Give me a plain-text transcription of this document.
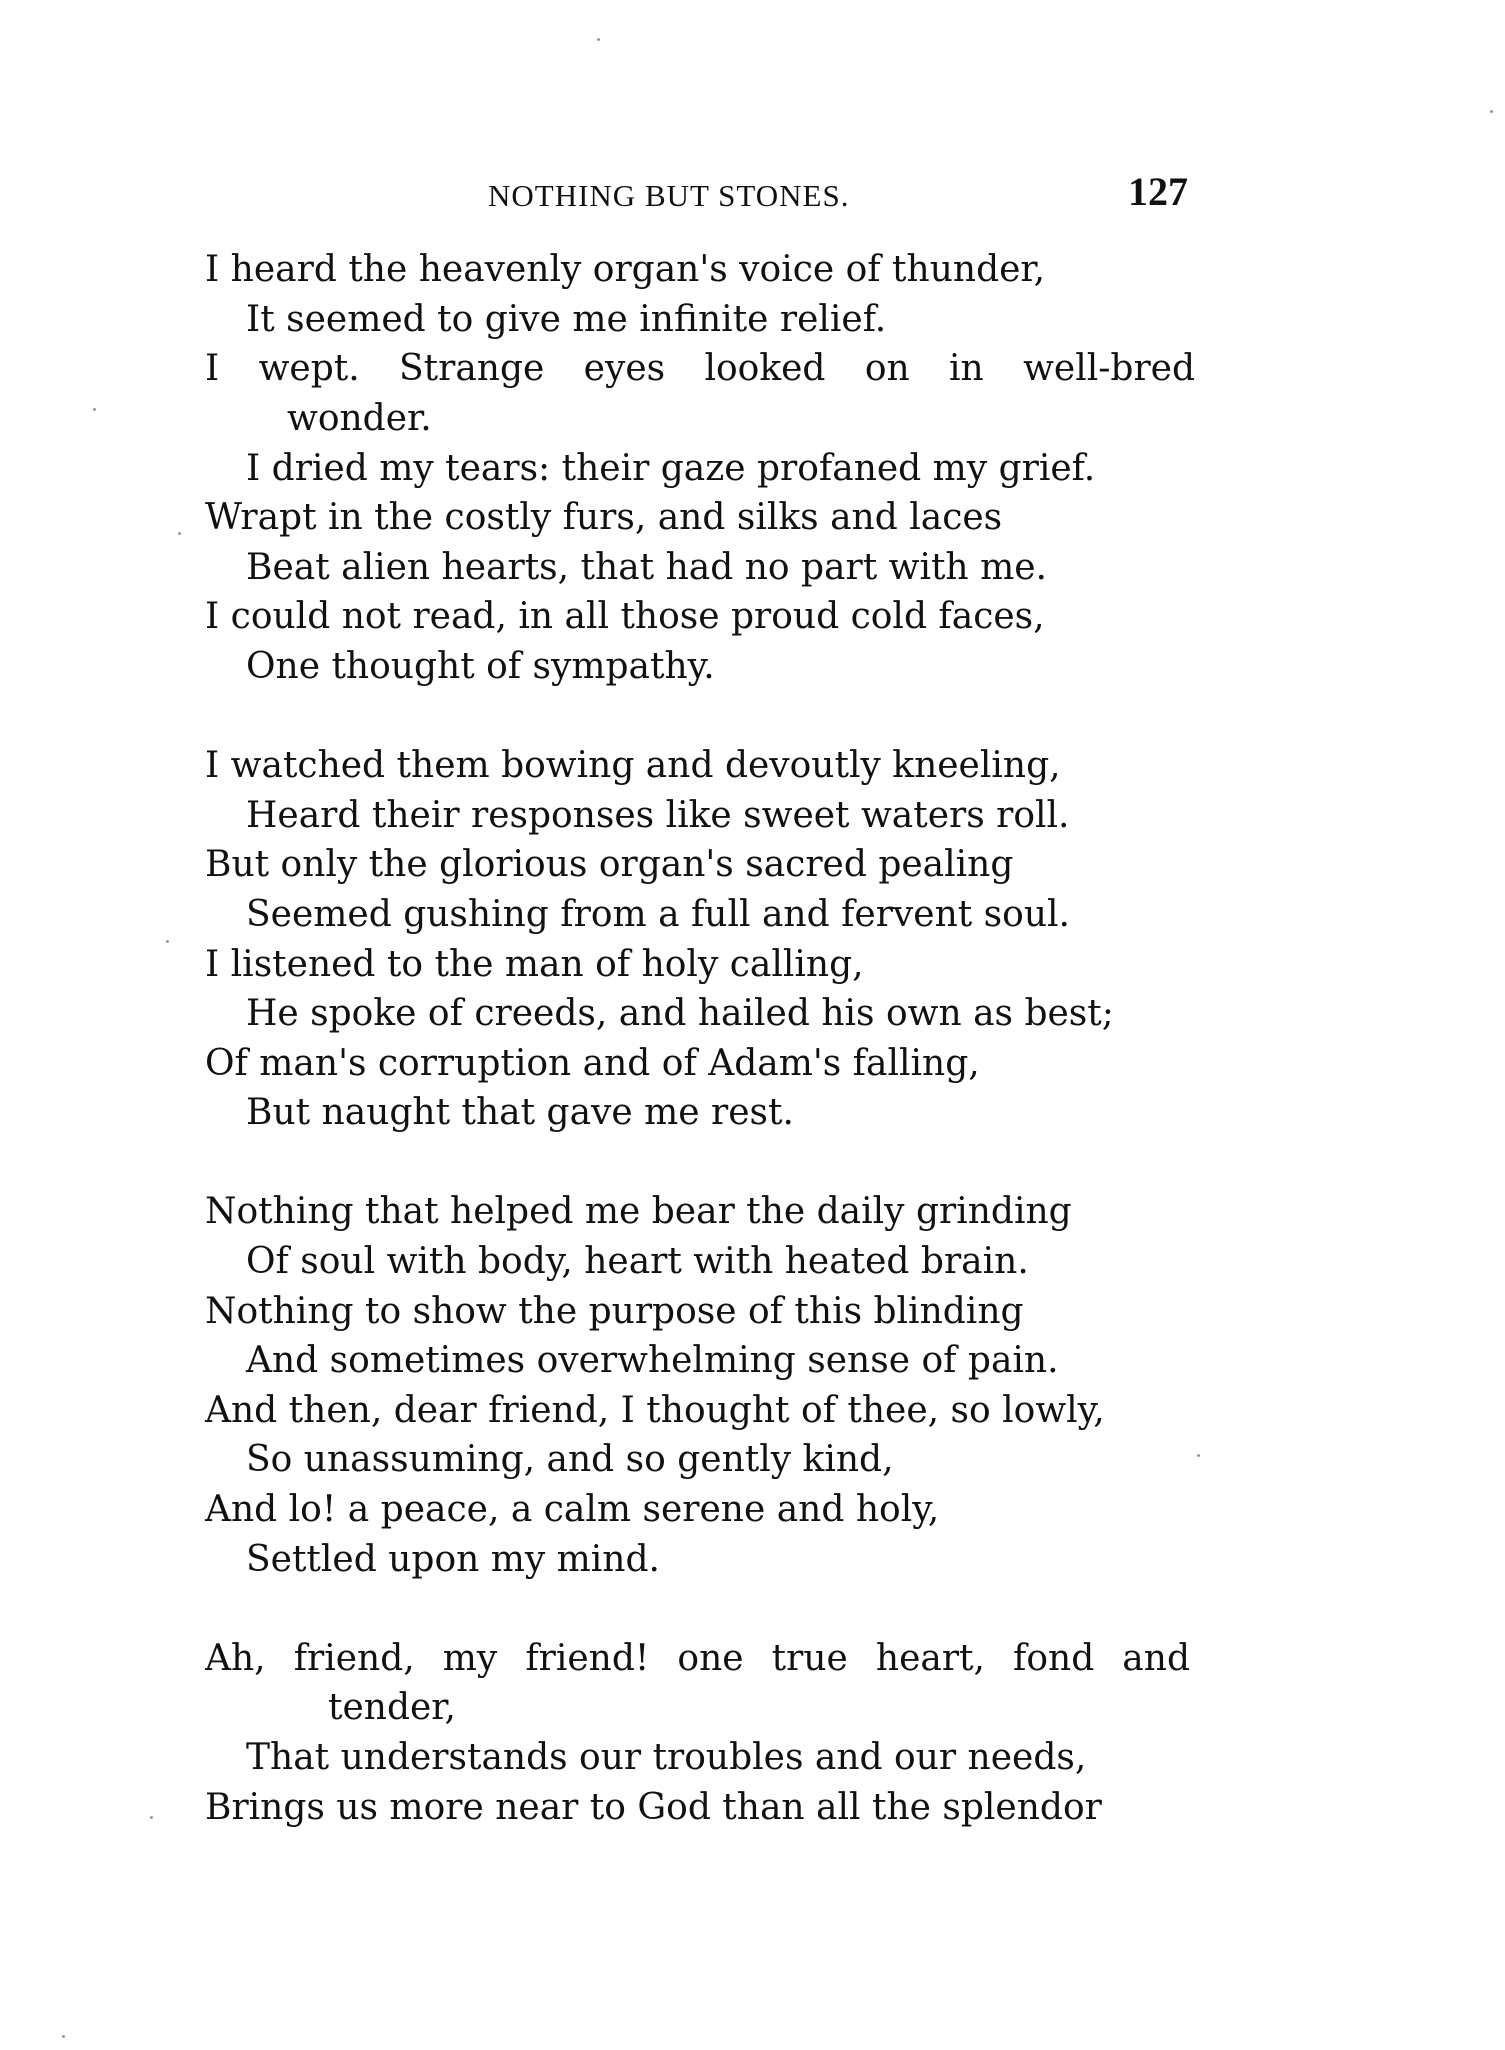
NOTHING BUT STONES.	127
I heard the heavenly organ's voice of thunder,
It seemed to give me infinite relief.
I wept. Strange eyes looked on in well-bred
wonder.
I dried my tears: their gaze profaned my grief.
Wrapt in the costly furs, and silks and laces
Beat alien hearts, that had no part with me.
I could not read, in all those proud cold faces,
One thought of sympathy.
I watched them bowing and devoutly kneeling,
Heard their responses like sweet waters roll.
But only the glorious organ's sacred pealing
Seemed gushing from a full and fervent soul.
I listened to the man of holy calling,
He spoke of creeds, and hailed his own as best;
Of man's corruption and of Adam's falling,
But naught that gave me rest.
Nothing that helped me bear the daily grinding
Of soul with body, heart with heated brain.
Nothing to show the purpose of this blinding
And sometimes overwhelming sense of pain.
And then, dear friend, I thought of thee, so lowly,
So unassuming, and so gently kind,
And lo! a peace, a calm serene and holy,
Settled upon my mind.
Ah, friend, my friend! one true heart, fond and
tender,
That understands our troubles and our needs,
Brings us more near to God than all the splendor
